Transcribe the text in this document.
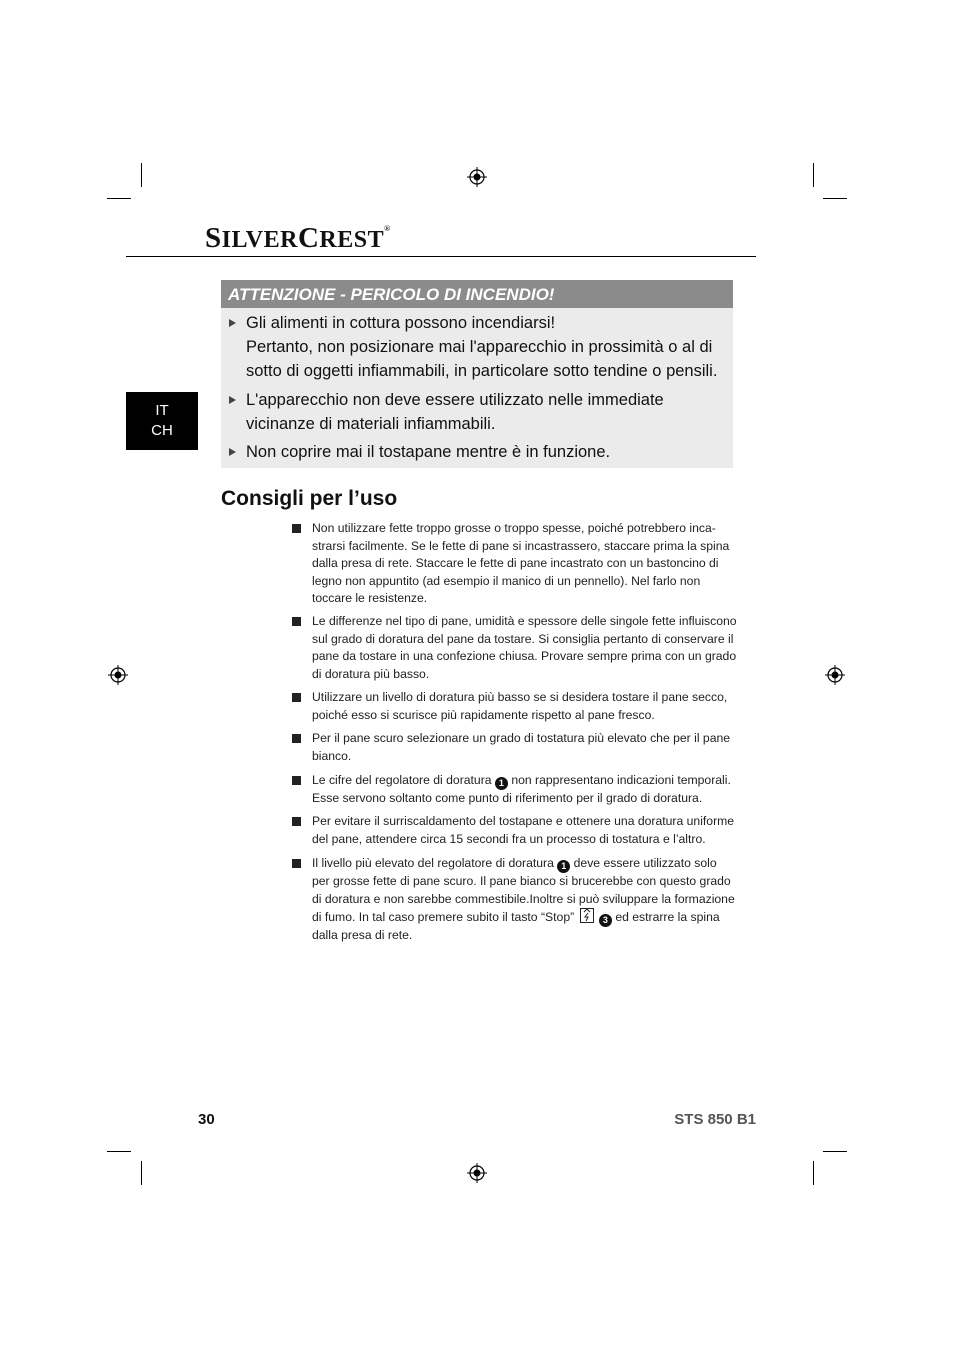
SILVERCREST®
IT
CH
ATTENZIONE - PERICOLO DI INCENDIO!
Gli alimenti in cottura possono incendiarsi!
Pertanto, non posizionare mai l'apparecchio in prossimità o al di sotto di oggetti infiammabili, in particolare sotto tendine o pensili.
L'apparecchio non deve essere utilizzato nelle immediate vicinanze di materiali infiammabili.
Non coprire mai il tostapane mentre è in funzione.
Consigli per l’uso
Non utilizzare fette troppo grosse o troppo spesse, poiché potrebbero inca-strarsi facilmente. Se le fette di pane si incastrassero, staccare prima la spina dalla presa di rete. Staccare le fette di pane incastrato con un bastoncino di legno non appuntito (ad esempio il manico di un pennello). Nel farlo non toccare le resistenze.
Le differenze nel tipo di pane, umidità e spessore delle singole fette influiscono sul grado di doratura del pane da tostare. Si consiglia pertanto di conservare il pane da tostare in una confezione chiusa. Provare sempre prima con un grado di doratura più basso.
Utilizzare un livello di doratura più basso se si desidera tostare il pane secco, poiché esso si scurisce più rapidamente rispetto al pane fresco.
Per il pane scuro selezionare un grado di tostatura più elevato che per il pane bianco.
Le cifre del regolatore di doratura 1 non rappresentano indicazioni temporali. Esse servono soltanto come punto di riferimento per il grado di doratura.
Per evitare il surriscaldamento del tostapane e ottenere una doratura uniforme del pane, attendere circa 15 secondi fra un processo di tostatura e l’altro.
Il livello più elevato del regolatore di doratura 1 deve essere utilizzato solo per grosse fette di pane scuro. Il pane bianco si brucerebbe con questo grado di doratura e non sarebbe commestibile.Inoltre si può sviluppare la formazione di fumo. In tal caso premere subito il tasto “Stop”	3 ed estrarre la spina dalla presa di rete.
30	STS 850 B1
